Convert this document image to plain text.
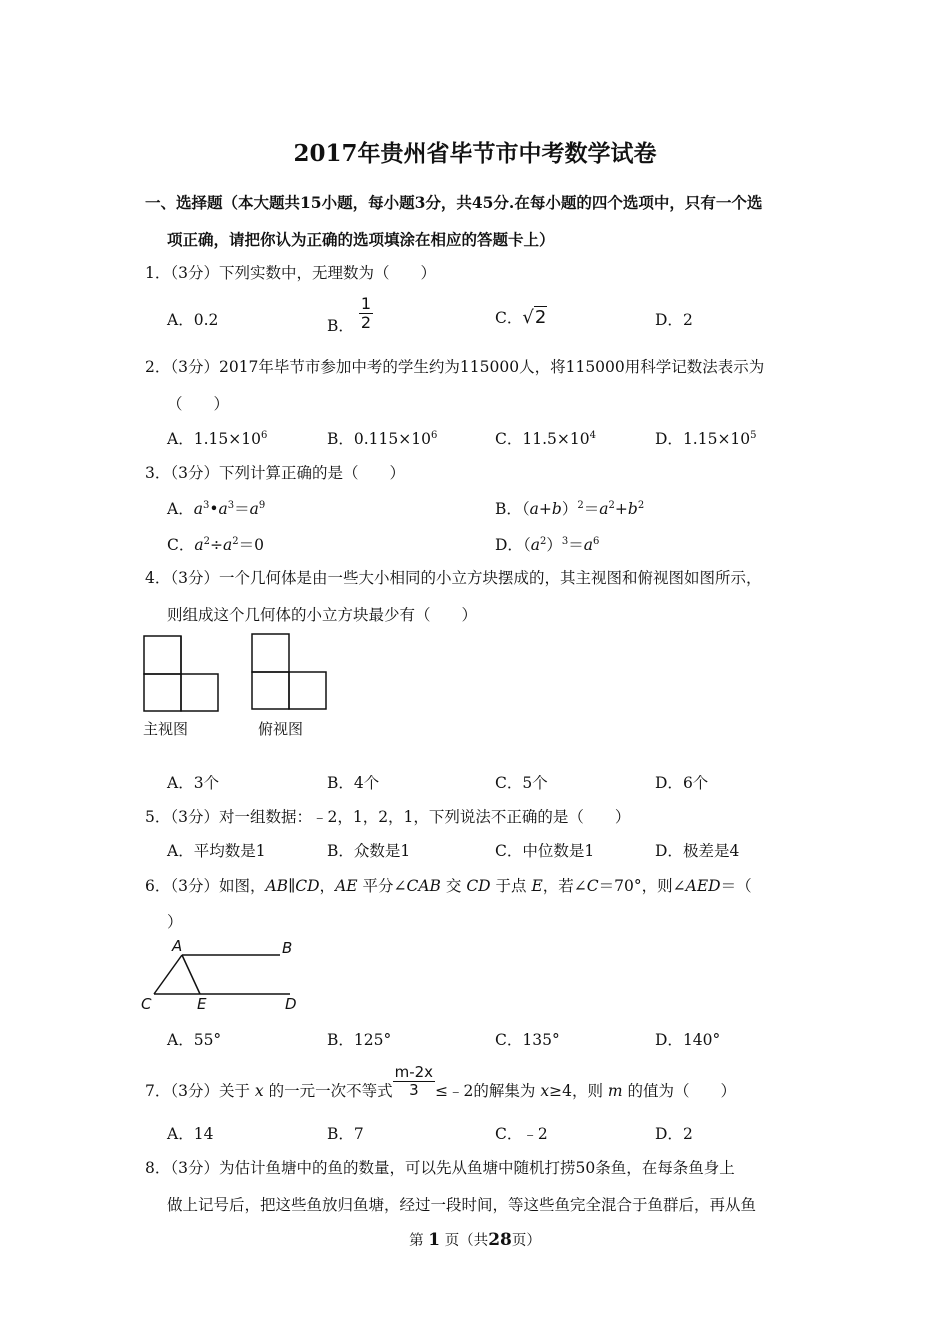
2017年贵州省毕节市中考数学试卷
一、选择题（本大题共15小题，每小题3分，共45分.在每小题的四个选项中，只有一个选
项正确，请把你认为正确的选项填涂在相应的答题卡上）
1．（3分）下列实数中，无理数为（　　）
A．0.2	B． $\frac{1}{2}$	C．√2	D．2
2．（3分）2017年毕节市参加中考的学生约为115000人，将115000用科学记数法表示为
（　　）
A．$1.15\times 10^6$	B．$0.115\times 10^6$	C．$11.5\times 10^4$	D．$1.15\times 10^5$
3．（3分）下列计算正确的是（　　）
A．$a^3•a^3=a^9$	B．$(a+b)^2=a^2+b^2$
C．$a^2\div a^2=0$	D．$(a^2)^3=a^6$
4．（3分）一个几何体是由一些大小相同的小立方块摆成的，其主视图和俯视图如图所示，
则组成这个几何体的小立方块最少有（　　）
主视图	俯视图
A．3个	B．4个	C．5个	D．6个
5．（3分）对一组数据：﹣2，1，2，1，下列说法不正确的是（　　）
A．平均数是1	B．众数是1	C．中位数是1	D．极差是4
6．（3分）如图，AB∥CD，AE 平分∠CAB 交 CD 于点 E，若∠C＝70°，则∠AED＝（
）
A	B
C	E	D
A．55°	B．125°	C．135°	D．140°
7．（3分）关于 x 的一元一次不等式 $\frac{m-2x}{3}$ ≤﹣2的解集为 x≥4，则 m 的值为（　　）
A．14	B．7	C．﹣2	D．2
8．（3分）为估计鱼塘中的鱼的数量，可以先从鱼塘中随机打捞50条鱼，在每条鱼身上
做上记号后，把这些鱼放归鱼塘，经过一段时间，等这些鱼完全混合于鱼群后，再从鱼
第 1 页（共28页）
